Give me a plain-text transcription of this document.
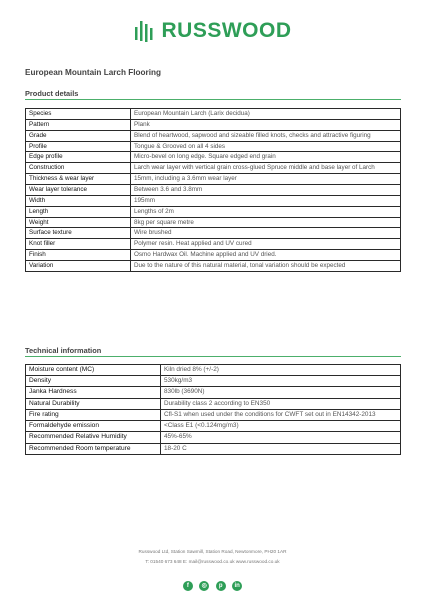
RUSSWOOD
European Mountain Larch Flooring
Product details
Species	European Mountain Larch (Larix decidua)
Pattern	Plank
Grade	Blend of heartwood, sapwood and sizeable filled knots, checks and attractive figuring
Profile	Tongue & Grooved on all 4 sides
Edge profile	Micro-bevel on long edge. Square edged end grain
Construction	Larch wear layer with vertical grain cross-glued Spruce middle and base layer of Larch
Thickness & wear layer	15mm, including a 3.6mm wear layer
Wear layer tolerance	Between 3.6 and 3.8mm
Width	195mm
Length	Lengths of 2m
Weight	8kg per square metre
Surface texture	Wire brushed
Knot filler	Polymer resin. Heat applied and UV cured
Finish	Osmo Hardwax Oil. Machine applied and UV dried.
Variation	Due to the nature of this natural material, tonal variation should be expected
Technical information
Moisture content (MC)	Kiln dried 8% (+/-2)
Density	530kg/m3
Janka Hardness	830lb (3690N)
Natural Durability	Durability class 2 according to EN350
Fire rating	Cfl-S1 when used under the conditions for CWFT set out in EN14342-2013
Formaldehyde emission	<Class E1 (<0.124mg/m3)
Recommended Relative Humidity	45%-65%
Recommended Room temperature	18-20 C
Russwood Ltd, Station Sawmill, Station Road, Newtonmore, PH20 1AR
T: 01540 673 648 E: mail@russwood.co.uk www.russwood.co.uk
f ◎ p in
